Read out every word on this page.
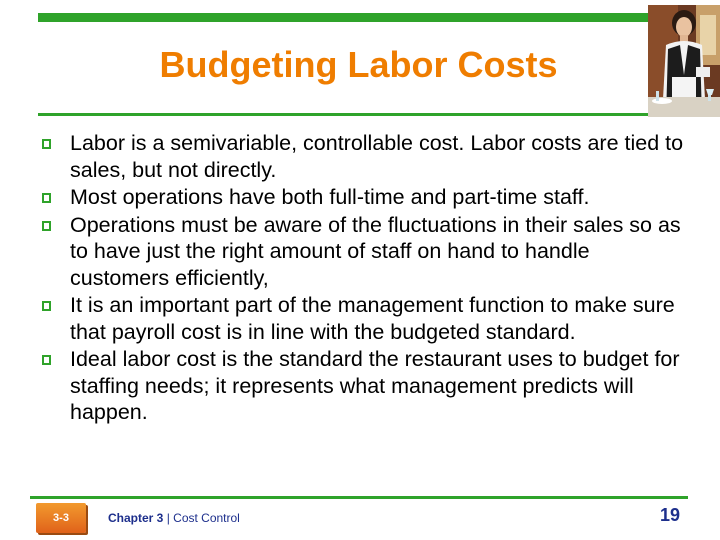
Budgeting Labor Costs
Labor is a semivariable, controllable cost. Labor costs are tied to sales, but not directly.
Most operations have both full-time and part-time staff.
Operations must be aware of the fluctuations in their sales so as to have just the right amount of staff on hand to handle customers efficiently,
It is an important part of the management function to make sure that payroll cost is in line with the budgeted standard.
Ideal labor cost is the standard the restaurant uses to budget for staffing needs; it represents what management predicts will happen.
3-3	Chapter 3 | Cost Control	19
